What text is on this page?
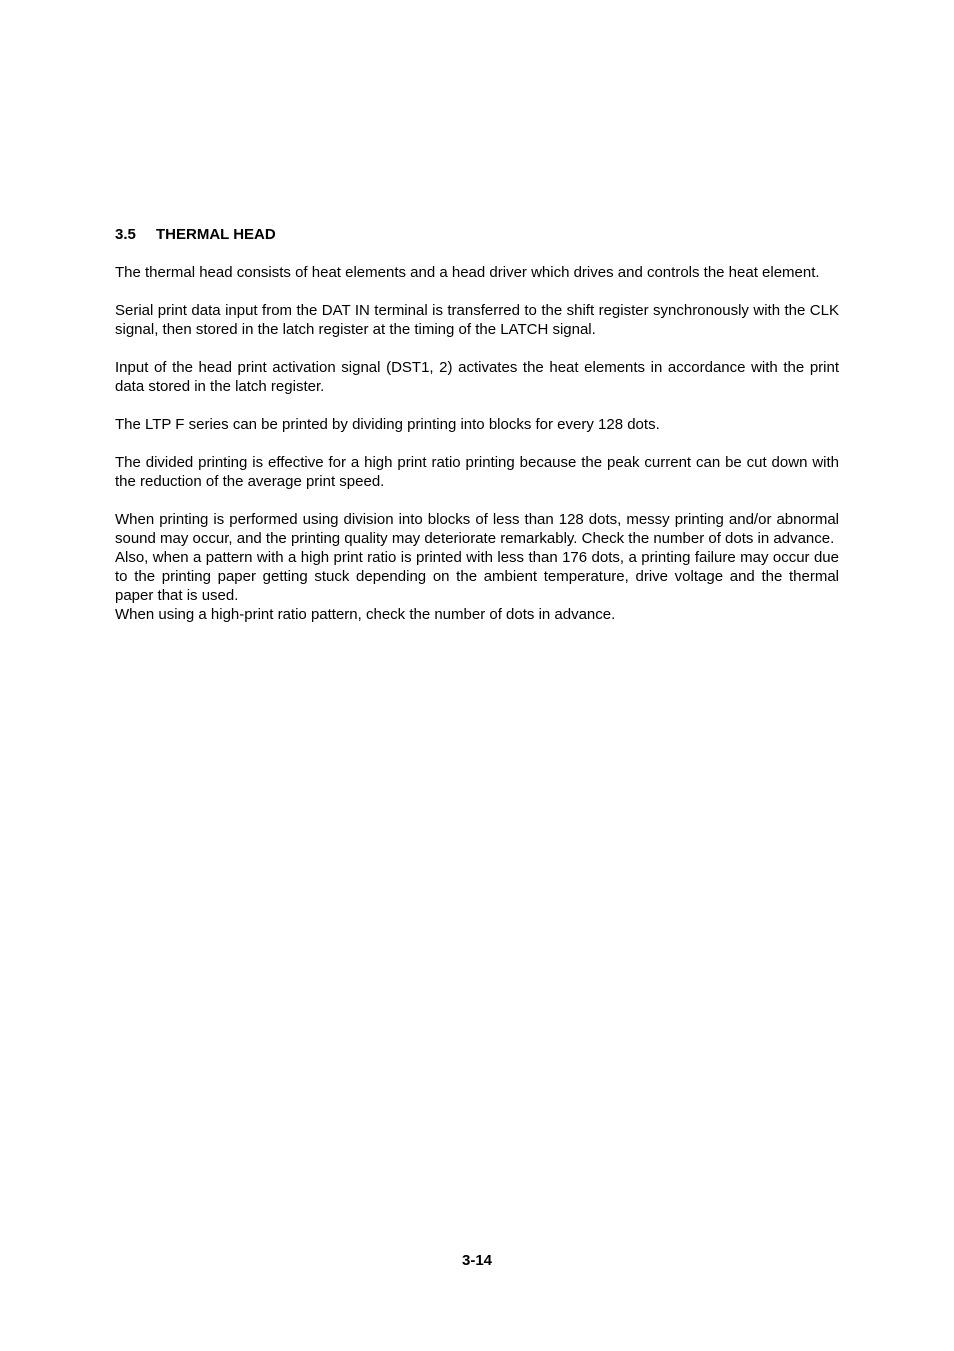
3.5 THERMAL HEAD

The thermal head consists of heat elements and a head driver which drives and controls the heat element.

Serial print data input from the DAT IN terminal is transferred to the shift register synchronously with the CLK signal, then stored in the latch register at the timing of the LATCH signal.

Input of the head print activation signal (DST1, 2) activates the heat elements in accordance with the print data stored in the latch register.

The LTP F series can be printed by dividing printing into blocks for every 128 dots.

The divided printing is effective for a high print ratio printing because the peak current can be cut down with the reduction of the average print speed.

When printing is performed using division into blocks of less than 128 dots, messy printing and/or abnormal sound may occur, and the printing quality may deteriorate remarkably. Check the number of dots in advance.

Also, when a pattern with a high print ratio is printed with less than 176 dots, a printing failure may occur due to the printing paper getting stuck depending on the ambient temperature, drive voltage and the thermal paper that is used.

When using a high-print ratio pattern, check the number of dots in advance.

3-14
